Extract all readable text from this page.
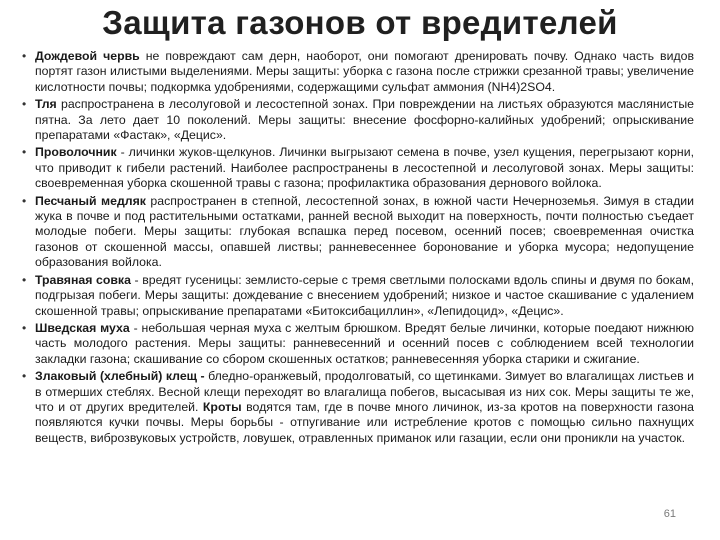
Защита газонов от вредителей

• Дождевой червь не повреждают сам дерн, наоборот, они помогают дренировать почву. Однако часть видов портят газон илистыми выделениями. Меры защиты: уборка с газона после стрижки срезанной травы; увеличение кислотности почвы; подкормка удобрениями, содержащими сульфат аммония (NH4)2SO4.

• Тля распространена в лесолуговой и лесостепной зонах. При повреждении на листьях образуются маслянистые пятна. За лето дает 10 поколений. Меры защиты: внесение фосфорно-калийных удобрений; опрыскивание препаратами «Фастак», «Децис».

• Проволочник - личинки жуков-щелкунов. Личинки выгрызают семена в почве, узел кущения, перегрызают корни, что приводит к гибели растений. Наиболее распространены в лесостепной и лесолуговой зонах. Меры защиты: своевременная уборка скошенной травы с газона; профилактика образования дернового войлока.

• Песчаный медляк распространен в степной, лесостепной зонах, в южной части Нечерноземья. Зимуя в стадии жука в почве и под растительными остатками, ранней весной выходит на поверхность, почти полностью съедает молодые побеги. Меры защиты: глубокая вспашка перед посевом, осенний посев; своевременная очистка газонов от скошенной массы, опавшей листвы; ранневесеннее боронование и уборка мусора; недопущение образования войлока.

• Травяная совка - вредят гусеницы: землисто-серые с тремя светлыми полосками вдоль спины и двумя по бокам, подгрызая побеги. Меры защиты: дождевание с внесением удобрений; низкое и частое скашивание с удалением скошенной травы; опрыскивание препаратами «Битоксибациллин», «Лепидоцид», «Децис».

• Шведская муха - небольшая черная муха с желтым брюшком. Вредят белые личинки, которые поедают нижнюю часть молодого растения. Меры защиты: ранневесенний и осенний посев с соблюдением всей технологии закладки газона; скашивание со сбором скошенных остатков; ранневесенняя уборка старики и сжигание.

• Злаковый (хлебный) клещ - бледно-оранжевый, продолговатый, со щетинками. Зимует во влагалищах листьев и в отмерших стеблях. Весной клещи переходят во влагалища побегов, высасывая из них сок. Меры защиты те же, что и от других вредителей. Кроты водятся там, где в почве много личинок, из-за кротов на поверхности газона появляются кучки почвы. Меры борьбы - отпугивание или истребление кротов с помощью сильно пахнущих веществ, виброзвуковых устройств, ловушек, отравленных приманок или газации, если они проникли на участок.

61
